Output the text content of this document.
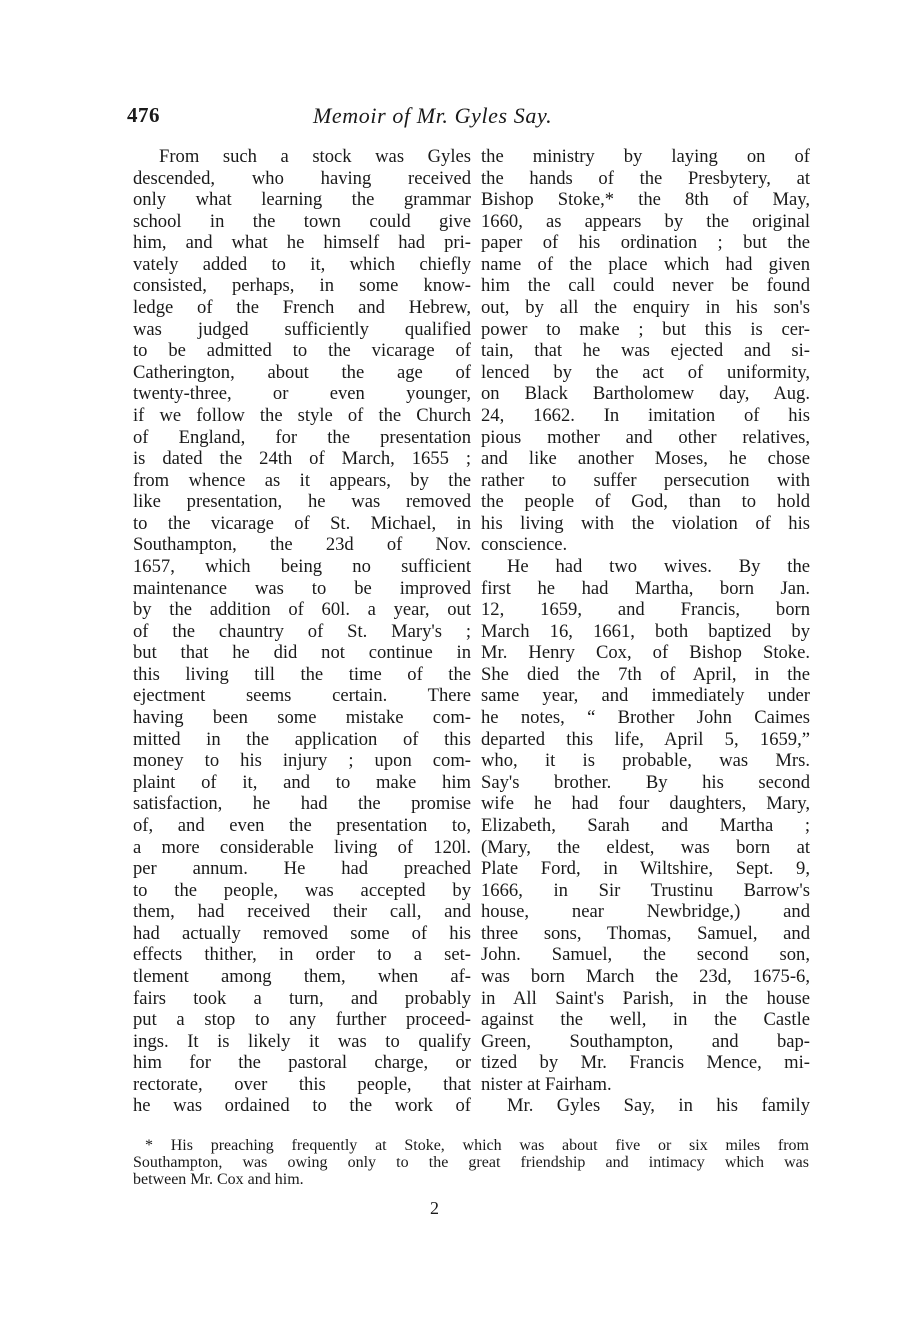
476	Memoir of Mr. Gyles Say.
From such a stock was Gyles
descended, who having received
only what learning the grammar
school in the town could give
him, and what he himself had pri-
vately added to it, which chiefly
consisted, perhaps, in some know-
ledge of the French and Hebrew,
was judged sufficiently qualified
to be admitted to the vicarage of
Catherington, about the age of
twenty-three, or even younger,
if we follow the style of the Church
of England, for the presentation
is dated the 24th of March, 1655 ;
from whence as it appears, by the
like presentation, he was removed
to the vicarage of St. Michael, in
Southampton, the 23d of Nov.
1657, which being no sufficient
maintenance was to be improved
by the addition of 60l. a year, out
of the chauntry of St. Mary's ;
but that he did not continue in
this living till the time of the
ejectment seems certain. There
having been some mistake com-
mitted in the application of this
money to his injury ; upon com-
plaint of it, and to make him
satisfaction, he had the promise
of, and even the presentation to,
a more considerable living of 120l.
per annum. He had preached
to the people, was accepted by
them, had received their call, and
had actually removed some of his
effects thither, in order to a set-
tlement among them, when af-
fairs took a turn, and probably
put a stop to any further proceed-
ings. It is likely it was to qualify
him for the pastoral charge, or
rectorate, over this people, that
he was ordained to the work of
the ministry by laying on of
the hands of the Presbytery, at
Bishop Stoke,* the 8th of May,
1660, as appears by the original
paper of his ordination ; but the
name of the place which had given
him the call could never be found
out, by all the enquiry in his son's
power to make ; but this is cer-
tain, that he was ejected and si-
lenced by the act of uniformity,
on Black Bartholomew day, Aug.
24, 1662. In imitation of his
pious mother and other relatives,
and like another Moses, he chose
rather to suffer persecution with
the people of God, than to hold
his living with the violation of his
conscience.
He had two wives. By the
first he had Martha, born Jan.
12, 1659, and Francis, born
March 16, 1661, both baptized by
Mr. Henry Cox, of Bishop Stoke.
She died the 7th of April, in the
same year, and immediately under
he notes, “ Brother John Caimes
departed this life, April 5, 1659,”
who, it is probable, was Mrs.
Say's brother. By his second
wife he had four daughters, Mary,
Elizabeth, Sarah and Martha ;
(Mary, the eldest, was born at
Plate Ford, in Wiltshire, Sept. 9,
1666, in Sir Trustinu Barrow's
house, near Newbridge,) and
three sons, Thomas, Samuel, and
John. Samuel, the second son,
was born March the 23d, 1675-6,
in All Saint's Parish, in the house
against the well, in the Castle
Green, Southampton, and bap-
tized by Mr. Francis Mence, mi-
nister at Fairham.
Mr. Gyles Say, in his family
* His preaching frequently at Stoke, which was about five or six miles from
Southampton, was owing only to the great friendship and intimacy which was
between Mr. Cox and him.
2
